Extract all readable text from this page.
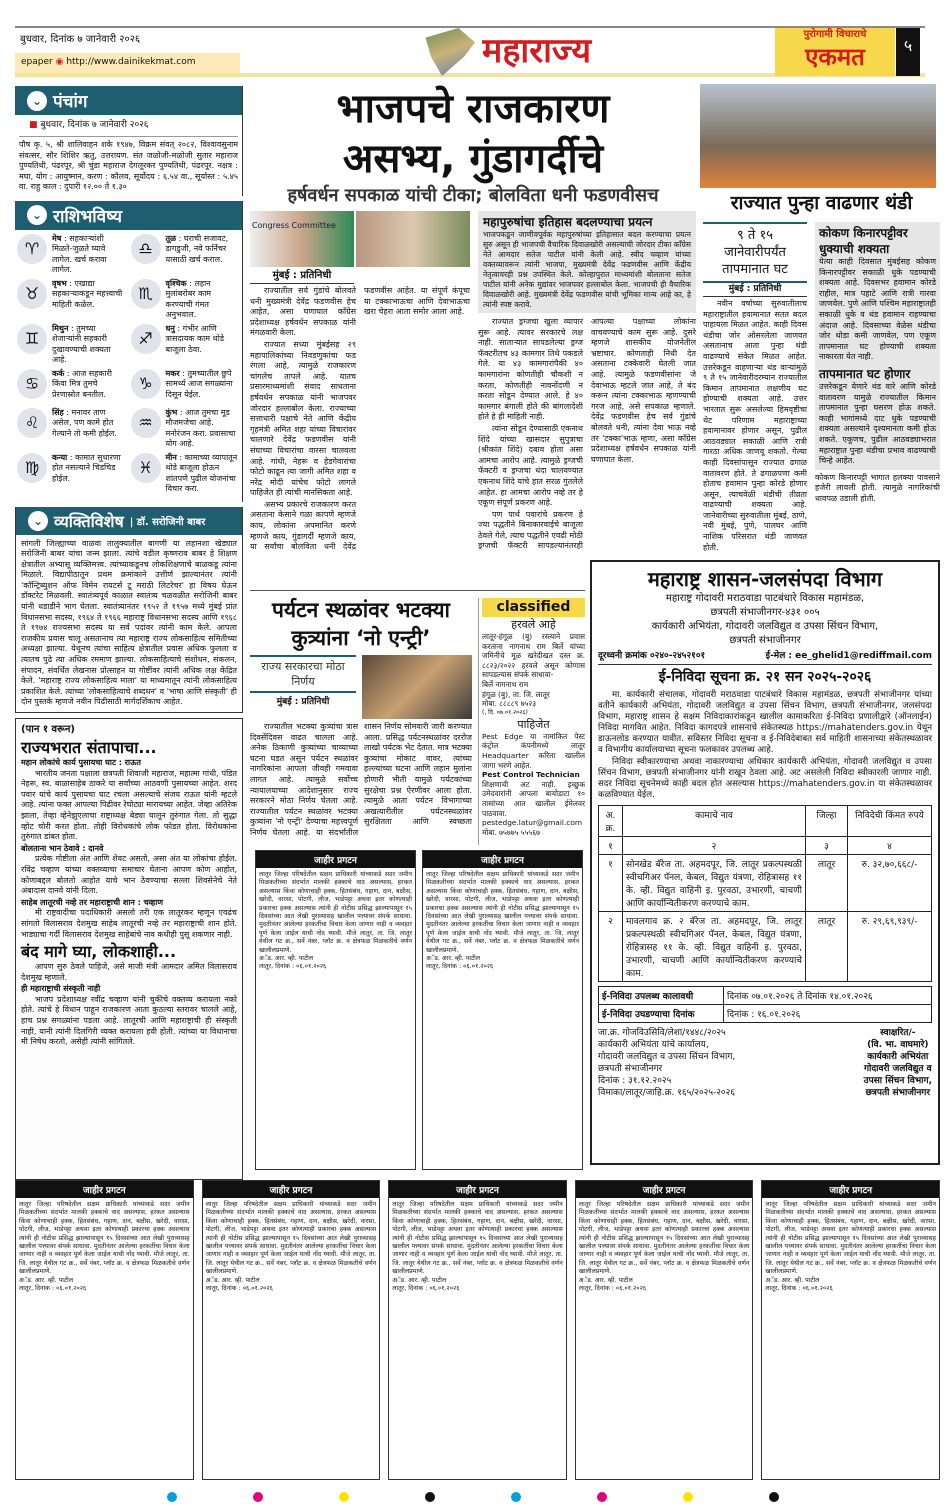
बुधवार, दिनांक ७ जानेवारी २०२६
epaper ◉ http://www.dainikekmat.com	महाराज्य	पुरोगामी विचाराचे
एकमत	५
⌄ पंचांग
■ बुधवार, दिनांक ७ जानेवारी २०२६
पौष कृ. ५, श्री शालिवाहन शके १९४७, विक्रम संवत् २०८२, विश्वावसुनाम संवत्सर, सौर शिशिर ऋतु, उत्तरायण. संत जळोजी-मळोजी सुतार महाराज पुण्यतिथी, पंढरपूर, श्री चुंडा महाराज देगलूरकर पुण्यतिथी, पंढरपूर. नक्षत्र : मघा, योग : आयुष्मान, करण : कौलव, सूर्योदय : ६.५४ वा., सूर्यास्त : ५.४५ वा. राहु काल : दुपारी १२.०० ते १.३०
⌄ राशिभविष्य
♈
मेष : सहकाऱ्यांशी मिळते-जुळते घ्यावे लागेल. खर्च करावा लागेल.
♎
तूळ : घराची सजावट, डागडुजी, नवे फर्निचर यासाठी खर्च कराल.
♉
वृषभ : एखाद्या सहकाऱ्याकडून महत्त्वाची माहिती कळेल.
♏
वृश्चिक : लहान मुलांबरोबर काम करण्याची गंमत अनुभवाल.
♊
मिथुन : तुमच्या शेजाऱ्यांनी सहकारी दुखावण्याची शक्यता आहे.
♐
धनु : गंभीर आणि त्रासदायक काम थोडे बाजूला ठेवा.
♋
कर्क : आज सहकारी किंवा मित्र तुमचे प्रेरणास्रोत बनतील.
♑
मकर : तुमच्यातील छुपे सामर्थ्य आज सगळ्यांना दिसून येईल.
♌
सिंह : मनावर ताण असेल, पण कामे होत गेल्याने तो कमी होईल.
♒
कुंभ : आज तुमचा मूड मौजमजेचा आहे. मनोरंजन करा. प्रवासाचा योग आहे.
♍
कन्या : कामात सुधारणा होत नसल्याने चिडचिड होईल.
♓
मीन : कामाच्या व्यापातून थोडे बाजूला होऊन शांतपणे पुढील योजनांचा विचार करा.
⌄ व्यक्तिविशेष | डॉ. सरोजिनी बाबर
सांगली जिल्ह्याच्या वाळवा तालुक्यातील बागणी या लहानशा खेड्यात सरोजिनी बाबर यांचा जन्म झाला. त्यांचे वडील कृष्णराव बाबर हे शिक्षण क्षेत्रातील अभ्यासू व्यक्तिमत्त्व. त्यांच्याकडूनच लोकशिक्षणाचे बाळकडू त्यांना मिळाले. विद्यापीठातून प्रथम क्रमांकाने उत्तीर्ण झाल्यानंतर त्यांनी 'कॉन्ट्रिब्युशन ऑफ विमेन रायटर्स टू मराठी लिटरेचर' हा विषय घेऊन डॉक्टरेट मिळवली. स्वातंत्र्यपूर्व काळात स्वातंत्र्य चळवळीत सरोजिनी बाबर यांनी धडाडीने भाग घेतला. स्वातंत्र्यानंतर १९५२ ते १९५७ मध्ये मुंबई प्रांत विधानसभा सदस्य, १९६४ ते १९६६ महाराष्ट्र विधानसभा सदस्य आणि १९६८ ते १९७४ राज्यसभा सदस्य या सर्व पदांवर त्यांनी काम केले. आपला राजकीय प्रवास चालू असतानाच त्या महाराष्ट्र राज्य लोकसाहित्य समितीच्या अध्यक्षा झाल्या. येथूनच त्यांचा साहित्य क्षेत्रातील प्रवास अधिक फुलला व त्यातच पुढे त्या अधिक रममाण झाल्या. लोकसाहित्याचे संशोधन, संकलन, संपादन, संवर्धित लेखनास प्रोत्साहन या गोष्टींवर त्यांनी अधिक लक्ष केंद्रित केले. 'महाराष्ट्र राज्य लोकसाहित्य माला' या माध्यमातून त्यांनी लोकसाहित्य प्रकाशित केले. त्यांच्या 'लोकसाहित्याचे शब्दधन' व 'भाषा आणि संस्कृती' ही दोन पुस्तके म्हणजे नवीन पिढीसाठी मार्गदर्शिकाच आहेत.
(पान १ वरून)
राज्यभरात संतापाचा...
महान लोकांचे कार्य पुसायचा घाट : राऊत

भारतीय जनता पक्षाला छत्रपती शिवाजी महाराज, महात्मा गांधी, पंडित नेहरू, स्व. बाळासाहेब ठाकरे या सर्वांच्या आठवणी पुसायच्या आहेत. शरद पवार यांचे कार्य पुसायचा घाट रचला असल्याचे संजय राऊत यांनी म्हटले आहे. त्यांना फक्त आपल्या पिढीवर रेघोट्या मारायच्या आहेत. जेव्हा अतिरेक झाला, तेव्हा व्हेनेझुएलाचा राष्ट्राध्यक्ष बेड्या घालून तुरुंगात गेला. तो सुद्धा व्होट चोरी करत होता. तोही विरोधकांचे लोक फोडत होता. विरोधकांना तुरुंगात डांबत होता.

बोलताना भान ठेवावे : दानवे

प्रत्येक गोष्टीला अंत आणि शेवट असतो, असा अंत या लोकांचा होईल. रविंद्र चव्हाण यांच्या वक्तव्याचा समाचार घेताना आपण कोण आहोत, कोणाबद्दल बोलतो आहोत याचे भान ठेवण्याचा सल्ला शिवसेनेचे नेते अंबादास दानवे यांनी दिला.

साहेब लातूरची नव्हे तर महाराष्ट्राची शान : चव्हाण

मी राष्ट्रवादीचा पदाधिकारी असलो तरी एक लातूरकर म्हणून एवढंच सांगतो विलासराव देशमुख साहेब लातूरची नव्हे तर महाराष्ट्राची शान होते. भाड्याचा गर्दी विलासराव देशमुख साहेबांचे नाव कधीही पुसू शकणार नाही.

बंद मागे घ्या, लोकशाही...

आपण सुरु ठेवले पाहिजे, असे माजी मंत्री आमदार अमित विलासराव देशमुख म्हणाले.

ही महाराष्ट्राची संस्कृती नाही

भाजप प्रदेशाध्यक्ष रवींद्र चव्हाण यांनी चुकीचे वक्तव्य करायला नको होते. त्यांचे हे विधान पाहून राजकारण आता कुठल्या स्तरावर चालले आहे, हाच प्रश्न सगळ्यांना पडला आहे. लातूरची आणि महाराष्ट्राची ही संस्कृती नाही, यानी त्यांनी दिलगिरी व्यक्त करायला हवी होती. त्यांच्या या विधानाचा मी निषेध करतो, असेही त्यांनी सांगितले.

भाजपचे राजकारण
असभ्य, गुंडागर्दीचे
हर्षवर्धन सपकाळ यांची टीका; बोलविता धनी फडणवीसच
Congress Committee
मुंबई : प्रतिनिधी

राज्यातील सर्व गुंडांचे बोलवते धनी मुख्यमंत्री देवेंद्र फडणवीस हेच आहेत, असा घणाघात काँग्रेस प्रदेशाध्यक्ष हर्षवर्धन सपकाळ यांनी मंगळवारी केला.

राज्यात सध्या मुंबईसह २९ महापालिकांच्या निवडणुकांचा फड रंगला आहे, त्यामुळे राजकारण चांगलेच तापले आहे. यातच प्रसारमाध्यमांशी संवाद साधताना हर्षवर्धन सपकाळ यांनी भाजपवर जोरदार हल्लाबोल केला. राज्याच्या सत्ताधारी पक्षाचे नेते आणि केंद्रीय गृहमंत्री अमित शहा यांच्या विचारांवर चालणारे देवेंद्र फडणवीस यांनी संघाच्या विचारांचा वारसा चालवला आहे. गांधी, नेहरू व हेडगेवारांचा फोटो काढून त्या जागी अमित शहा व नरेंद्र मोदी यांचेच फोटो लागले पाहिजेत ही त्यांची मानसिकता आहे.

असभ्य प्रकारचे राजकारण करत असताना केसाने गळा कापणे म्हणजे काय, लोकांना अपमानित करणे म्हणजे काय, गुंडागर्दी म्हणजे काय, या सर्वांचा बोलविता धनी देवेंद्र फडणवीस आहेत. या संपूर्ण कंपूचा या टक्काभाऊचा आणि देवाभाऊचा खरा चेहरा आता समोर आला आहे.

महापुरुषांचा इतिहास बदलण्याचा प्रयत्न
भाजपकडून जाणीवपूर्वक महापुरुषांच्या इतिहासात बदल करण्याचा प्रयत्न सुरु असून ही भाजपची वैचारिक दिवाळखोरी असल्याची जोरदार टीका काँग्रेस नेते आमदार सतेज पाटील यांनी केली आहे. स्वीद चव्हाण यांच्या वक्तव्यावरून त्यांनी भाजपा, मुख्यमंत्री देवेंद्र फडणवीस आणि केंद्रीय नेतृत्वावरही प्रश्न उपस्थित केले. कोल्हापुरात माध्यमांशी बोलताना सतेज पाटील यांनी अनेक मुद्यांवर भाजपवर हल्लाबोल केला. भाजपची ही वैचारिक दिवाळखोरी आहे. मुख्यमंत्री देवेंद्र फडणवीस यांची भूमिका मान्य आहे का, हे त्यांनी स्पष्ट करावे.

राज्यात ड्रग्जचा खुला व्यापार सुरू आहे. त्यावर सरकारचे लक्ष नाही. साताऱ्यात सापडलेल्या ड्रग्ज फॅक्टरीतच ४३ कामगार तिथे पकडले गेले. या ४३ कामगारांपैकी ४० कामगारांना कोणतीही चौकशी न करता, कोणतीही नावनोंदणी न करता सोडून देण्यात आले. हे ४० कामगार बंगाली होते की बांगलादेशी होते हे ही माहिती नाही.

त्यांना सोडून देण्यासाठी एकनाथ शिंदे यांच्या खासदार सुपुत्राचा (श्रीकांत शिंदे) दबाव होता असा आमचा आरोप आहे. त्यामुळे ड्रग्जची फॅक्टरी व ड्रग्जचा धंदा चालवण्यात एकनाथ शिंदे यांचे हात सरळ गुंतलेले आहेत. हा आमचा आरोप नव्हे तर हे एकूण संपूर्ण प्रकरण आहे.

पण पार्थ पवारांचे प्रकरण हे ज्या पद्धतीने बिनाकारवाईचे बाजूला ठेवले गेले, त्याच पद्धतीने एवढी मोठी ड्रग्जची फॅक्टरी सापडल्यानंतरही आपल्या पक्षाच्या लोकांना वाचवण्याचे काम सुरू आहे. दुसरे म्हणजे शासकीय योजनेतील भ्रष्टाचार. कोणताही निधी देत असताना टक्केवारी घेतली जात आहे. त्यामुळे फडणवीसांना जे देवाभाऊ म्हटले जात आहे, ते बंद करून त्यांना टक्काभाऊ म्हणण्याची गरज आहे, असे सपकाळ म्हणाले. देवेंद्र फडणवीस हेच सर्व गुंडांचे बोलवते धनी, त्यांना देवा भाऊ नव्हे तर 'टक्का'भाऊ म्हणा, असा काँग्रेस प्रदेशाध्यक्ष हर्षवर्धन सपकाळ यांनी घणाघात केला.

राज्यात पुन्हा वाढणार थंडी
९ ते १५
जानेवारीपर्यंत
तापमानात घट
मुंबई : प्रतिनिधी

नवीन वर्षाच्या सुरुवातीलाच महाराष्ट्रातील हवामानात सतत बदल पाहायला मिळत आहेत. काही दिवस थंडीचा जोर ओसरलेला जाणवत असतानाच आता पुन्हा थंडी वाढण्याचे संकेत मिळत आहेत. उत्तरेकडून वाहणाऱ्या थंड वाऱ्यांमुळे ९ ते १५ जानेवारीदरम्यान राज्यातील किमान तापमानात लक्षणीय घट होण्याची शक्यता आहे. उत्तर भारतात सुरू असलेल्या हिमवृष्टीचा थेट परिणाम महाराष्ट्राच्या हवामानावर होणार असून, पुढील आठवड्यात सकाळी आणि रात्री गारठा अधिक जाणवू शकतो. गेल्या काही दिवसांपासून राज्यात ढगाळ वातावरण होते. ते ढगाळपणा कमी होताच हवामान पुन्हा कोरडे होणार असून, त्याचवेळी थंडीची तीव्रता वाढण्याची शक्यता आहे. जानेवारीच्या सुरुवातीला मुंबई, ठाणे, नवी मुंबई, पुणे, पालघर आणि नाशिक परिसरात थंडी जाणवत होती.

कोकण किनारपट्टीवर धुक्याची शक्यता
येत्या काही दिवसात मुंबईसह कोकण किनारपट्टीवर सकाळी धुके पडण्याची शक्यता आहे. दिवसभर हवामान कोरडे राहील, मात्र पहाटे आणि रात्री गारवा जाणवेल. पुणे आणि पश्चिम महाराष्ट्रातही सकाळी धुके व थंड हवामान राहण्याचा अंदाज आहे. दिवसाच्या वेळेस थंडीचा जोर थोडा कमी जाणवेल, पण एकूण तापमानात घट होण्याची शक्यता नाकारता येत नाही.
तापमानात घट होणार
उत्तरेकडून येणारे थंड वारे आणि कोरडे वातावरण यामुळे राज्यातील किमान तापमानात पुन्हा घसरण होऊ शकते. काही भागांमध्ये दाट धुके पडण्याची शक्यता असल्याने दृश्यमानता कमी होऊ शकते. एकूणच, पुढील आठवड्याभरात महाराष्ट्रात पुन्हा थंडीचा प्रभाव वाढण्याची चिन्हे आहेत.
कोकण किनारपट्टी भागात हलक्या पावसाने हजेरी लावली होती. त्यामुळे नागरिकांची धावपळ उडाली होती.
पर्यटन स्थळांवर भटक्या
कुत्र्यांना ‘नो एन्ट्री’
राज्य सरकारचा मोठा निर्णय
मुंबई : प्रतिनिधी

राज्यातील भटक्या कुत्र्यांचा त्रास दिवसेंदिवस वाढत चालला आहे. अनेक ठिकाणी कुत्र्यांच्या चाव्याच्या घटना घडत असून पर्यटन स्थळांवर नागरिकांना आपला जीवही गमवावा लागत आहे. त्यामुळे सर्वोच्च न्यायालयाच्या आदेशानुसार राज्य सरकारने मोठा निर्णय घेतला आहे. राज्यातील पर्यटन स्थळांवर भटक्या कुत्र्यांना 'नो एन्ट्री' देण्याचा महत्त्वपूर्ण निर्णय घेतला आहे. या संदर्भातील शासन निर्णय सोमवारी जारी करण्यात आला. प्रसिद्ध पर्यटनस्थळांवर दररोज लाखो पर्यटक भेट देतात. मात्र भटक्या कुत्र्यांचा मोकाट वावर, त्यांच्या हल्ल्यांच्या घटना आणि लहान मुलांना होणारी भीती यामुळे पर्यटकांच्या सुरक्षेचा प्रश्न ऐरणीवर आला होता. त्यामुळे आता पर्यटन विभागाच्या अखत्यारीतील पर्यटनस्थळांवर सुरक्षितता आणि स्वच्छता

classified
हरवले आहे
लातूर-हंगूळ (बु) रस्त्याने प्रवास करताना नागनाथ राम बिर्ले यांच्या जमिनीचे मूळ खरेदीखत दस्त क्र. ८८२३/२०२२ हरवले असून कोणास सापडल्यास संपर्क साधावा-
बिर्ले नागनाथ राम
हंगूळ (बु), ता. जि. लातूर
मोबा. ८८८८९ ७५२३
(, दि. ०७.०१.२०२६)
पाहिजेत
Pest Edge या नामांकित पेस्ट कंट्रोल कंपनीमध्ये लातूर Headquarter करिता खालील जागा भरणे आहेत.
Pest Control Technician
शिक्षणाची अट नाही. इच्छुक उमेदवारांनी आपला बायोडाटा १० तासांच्या आत खालील ईमेलवर पाठवावा.
pestedge.latur@gmail.com
मोबा. ७५७७५ ५५५६७
जाहीर प्रगटन
लातूर जिल्हा परिषदेतील सक्षम प्राधिकारी यांच्याकडे सदर जमीन मिळकतीच्या संदर्भात मालकी हक्काचे वाद असल्यास, हरकत असल्यास किंवा कोणाचाही हक्क, हितसंबंध, गहाण, दान, बक्षीस, खरेदी, वारसा, पोटगी, लीज, भाडेपट्टा अथवा इतर कोणत्याही प्रकारचा हक्क असल्यास त्यांनी ही नोटीस प्रसिद्ध झाल्यापासून १५ दिवसांच्या आत लेखी पुराव्यासह खालील पत्त्यावर संपर्क साधावा. मुदतीनंतर आलेल्या हरकतींचा विचार केला जाणार नाही व व्यवहार पूर्ण केला जाईल याची नोंद घ्यावी. मौजे लातूर, ता. जि. लातूर येथील गट क्र., सर्वे नंबर, प्लॉट क्र. व क्षेत्रफळ मिळकतीचे वर्णन खालीलप्रमाणे.
अॅड. आर. व्ही. पाटील
लातूर, दिनांक : ०६.०१.२०२६
जाहीर प्रगटन
लातूर जिल्हा परिषदेतील सक्षम प्राधिकारी यांच्याकडे सदर जमीन मिळकतीच्या संदर्भात मालकी हक्काचे वाद असल्यास, हरकत असल्यास किंवा कोणाचाही हक्क, हितसंबंध, गहाण, दान, बक्षीस, खरेदी, वारसा, पोटगी, लीज, भाडेपट्टा अथवा इतर कोणत्याही प्रकारचा हक्क असल्यास त्यांनी ही नोटीस प्रसिद्ध झाल्यापासून १५ दिवसांच्या आत लेखी पुराव्यासह खालील पत्त्यावर संपर्क साधावा. मुदतीनंतर आलेल्या हरकतींचा विचार केला जाणार नाही व व्यवहार पूर्ण केला जाईल याची नोंद घ्यावी. मौजे लातूर, ता. जि. लातूर येथील गट क्र., सर्वे नंबर, प्लॉट क्र. व क्षेत्रफळ मिळकतीचे वर्णन खालीलप्रमाणे.
अॅड. आर. व्ही. पाटील
लातूर, दिनांक : ०६.०१.२०२६
महाराष्ट्र शासन-जलसंपदा विभाग
महाराष्ट्र गोदावरी मराठवाडा पाटबंधारे विकास महामंडळ,
छत्रपती संभाजीनगर-४३१ ००५
कार्यकारी अभियंता, गोदावरी जलविद्युत व उपसा सिंचन विभाग,
छत्रपती संभाजीनगर
दूरध्वनी क्रमांक ०२४०-२४५२१०१	ई-मेल : ee_ghelid1@rediffmail.com
ई-निविदा सूचना क्र. २१ सन २०२५-२०२६

मा. कार्यकारी संचालक, गोदावरी मराठवाडा पाटबंधारे विकास महामंडळ, छत्रपती संभाजीनगर यांच्या वतीने कार्यकारी अभियंता, गोदावरी जलविद्युत व उपसा सिंचन विभाग, छत्रपती संभाजीनगर, जलसंपदा विभाग, महाराष्ट्र शासन हे सक्षम निविदाकारांकडून खालील कामाकरिता ई-निविदा प्रणालीद्वारे (ऑनलाईन) निविदा मागवित आहेत. निविदा कागदपत्रे शासनाचे संकेतस्थळ https://mahatenders.gov.in येथून डाऊनलोड करण्यात यावीत. सविस्तर निविदा सूचना व ई-निविदेबाबत सर्व माहिती शासनाच्या संकेतस्थळावर व विभागीय कार्यालयाच्या सूचना फलकावर उपलब्ध आहे.

निविदा स्वीकारण्याचा अथवा नाकारण्याचा अधिकार कार्यकारी अभियंता, गोदावरी जलविद्युत व उपसा सिंचन विभाग, छत्रपती संभाजीनगर यांनी राखून ठेवला आहे. अट असलेली निविदा स्वीकारली जाणार नाही. सदर निविदा सूचनेमध्ये काही बदल होत असल्यास https://mahatenders.gov.in या संकेतस्थळावर कळविण्यात येईल.

अ. क्र.	कामाचे नाव	जिल्हा	निविदेची किंमत रुपये
१	२	३	४
१	सोनखेड बॅरेज ता. अहमदपूर, जि. लातूर प्रकल्पस्थळी स्वीचगिअर पॅनल, केबल, विद्युत यंत्रणा, रोहित्रासह ११ के. व्ही. विद्युत वाहिनी इ. पुरवठा, उभारणी, चाचणी आणि कार्यान्वितीकरण करण्याचे काम.	लातूर	रु. ३२,७०,६६८/-
२	मावलगाव क्र. २ बॅरेज ता. अहमदपूर, जि. लातूर प्रकल्पस्थळी स्वीचगिअर पॅनल, केबल, विद्युत यंत्रणा, रोहित्रासह ११ के. व्ही. विद्युत वाहिनी इ. पुरवठा, उभारणी, चाचणी आणि कार्यान्वितीकरण करण्याचे काम.	लातूर	रु. २९,६९,९३९/-
ई-निविदा उपलब्ध कालावधी	दिनांक ०७.०१.२०२६ ते दिनांक १४.०१.२०२६
ई-निविदा उघडण्याचा दिनांक	दिनांक : १६.०१.२०२६
जा.क्र. गोजविउसिवि/लेशा/१४४८/२०२५
कार्यकारी अभियंता यांचे कार्यालय,
गोदावरी जलविद्युत व उपसा सिंचन विभाग,
छत्रपती संभाजीनगर
दिनांक : ३१.१२.२०२५
विमाका/लातूर/जाहि.क्र. १६५/२०२५-२०२६
स्वाक्षरित/-
(वि. भा. वाघमारे)
कार्यकारी अभियंता
गोदावरी जलविद्युत व
उपसा सिंचन विभाग,
छत्रपती संभाजीनगर
जाहीर प्रगटन
लातूर जिल्हा परिषदेतील सक्षम प्राधिकारी यांच्याकडे सदर जमीन मिळकतीच्या संदर्भात मालकी हक्काचे वाद असल्यास, हरकत असल्यास किंवा कोणाचाही हक्क, हितसंबंध, गहाण, दान, बक्षीस, खरेदी, वारसा, पोटगी, लीज, भाडेपट्टा अथवा इतर कोणत्याही प्रकारचा हक्क असल्यास त्यांनी ही नोटीस प्रसिद्ध झाल्यापासून १५ दिवसांच्या आत लेखी पुराव्यासह खालील पत्त्यावर संपर्क साधावा. मुदतीनंतर आलेल्या हरकतींचा विचार केला जाणार नाही व व्यवहार पूर्ण केला जाईल याची नोंद घ्यावी. मौजे लातूर, ता. जि. लातूर येथील गट क्र., सर्वे नंबर, प्लॉट क्र. व क्षेत्रफळ मिळकतीचे वर्णन खालीलप्रमाणे.
अॅड. आर. व्ही. पाटील
लातूर, दिनांक : ०६.०१.२०२६
जाहीर प्रगटन
लातूर जिल्हा परिषदेतील सक्षम प्राधिकारी यांच्याकडे सदर जमीन मिळकतीच्या संदर्भात मालकी हक्काचे वाद असल्यास, हरकत असल्यास किंवा कोणाचाही हक्क, हितसंबंध, गहाण, दान, बक्षीस, खरेदी, वारसा, पोटगी, लीज, भाडेपट्टा अथवा इतर कोणत्याही प्रकारचा हक्क असल्यास त्यांनी ही नोटीस प्रसिद्ध झाल्यापासून १५ दिवसांच्या आत लेखी पुराव्यासह खालील पत्त्यावर संपर्क साधावा. मुदतीनंतर आलेल्या हरकतींचा विचार केला जाणार नाही व व्यवहार पूर्ण केला जाईल याची नोंद घ्यावी. मौजे लातूर, ता. जि. लातूर येथील गट क्र., सर्वे नंबर, प्लॉट क्र. व क्षेत्रफळ मिळकतीचे वर्णन खालीलप्रमाणे.
अॅड. आर. व्ही. पाटील
लातूर, दिनांक : ०६.०१.२०२६
जाहीर प्रगटन
लातूर जिल्हा परिषदेतील सक्षम प्राधिकारी यांच्याकडे सदर जमीन मिळकतीच्या संदर्भात मालकी हक्काचे वाद असल्यास, हरकत असल्यास किंवा कोणाचाही हक्क, हितसंबंध, गहाण, दान, बक्षीस, खरेदी, वारसा, पोटगी, लीज, भाडेपट्टा अथवा इतर कोणत्याही प्रकारचा हक्क असल्यास त्यांनी ही नोटीस प्रसिद्ध झाल्यापासून १५ दिवसांच्या आत लेखी पुराव्यासह खालील पत्त्यावर संपर्क साधावा. मुदतीनंतर आलेल्या हरकतींचा विचार केला जाणार नाही व व्यवहार पूर्ण केला जाईल याची नोंद घ्यावी. मौजे लातूर, ता. जि. लातूर येथील गट क्र., सर्वे नंबर, प्लॉट क्र. व क्षेत्रफळ मिळकतीचे वर्णन खालीलप्रमाणे.
अॅड. आर. व्ही. पाटील
लातूर, दिनांक : ०६.०१.२०२६
जाहीर प्रगटन
लातूर जिल्हा परिषदेतील सक्षम प्राधिकारी यांच्याकडे सदर जमीन मिळकतीच्या संदर्भात मालकी हक्काचे वाद असल्यास, हरकत असल्यास किंवा कोणाचाही हक्क, हितसंबंध, गहाण, दान, बक्षीस, खरेदी, वारसा, पोटगी, लीज, भाडेपट्टा अथवा इतर कोणत्याही प्रकारचा हक्क असल्यास त्यांनी ही नोटीस प्रसिद्ध झाल्यापासून १५ दिवसांच्या आत लेखी पुराव्यासह खालील पत्त्यावर संपर्क साधावा. मुदतीनंतर आलेल्या हरकतींचा विचार केला जाणार नाही व व्यवहार पूर्ण केला जाईल याची नोंद घ्यावी. मौजे लातूर, ता. जि. लातूर येथील गट क्र., सर्वे नंबर, प्लॉट क्र. व क्षेत्रफळ मिळकतीचे वर्णन खालीलप्रमाणे.
अॅड. आर. व्ही. पाटील
लातूर, दिनांक : ०६.०१.२०२६
जाहीर प्रगटन
लातूर जिल्हा परिषदेतील सक्षम प्राधिकारी यांच्याकडे सदर जमीन मिळकतीच्या संदर्भात मालकी हक्काचे वाद असल्यास, हरकत असल्यास किंवा कोणाचाही हक्क, हितसंबंध, गहाण, दान, बक्षीस, खरेदी, वारसा, पोटगी, लीज, भाडेपट्टा अथवा इतर कोणत्याही प्रकारचा हक्क असल्यास त्यांनी ही नोटीस प्रसिद्ध झाल्यापासून १५ दिवसांच्या आत लेखी पुराव्यासह खालील पत्त्यावर संपर्क साधावा. मुदतीनंतर आलेल्या हरकतींचा विचार केला जाणार नाही व व्यवहार पूर्ण केला जाईल याची नोंद घ्यावी. मौजे लातूर, ता. जि. लातूर येथील गट क्र., सर्वे नंबर, प्लॉट क्र. व क्षेत्रफळ मिळकतीचे वर्णन खालीलप्रमाणे.
अॅड. आर. व्ही. पाटील
लातूर, दिनांक : ०६.०१.२०२६
